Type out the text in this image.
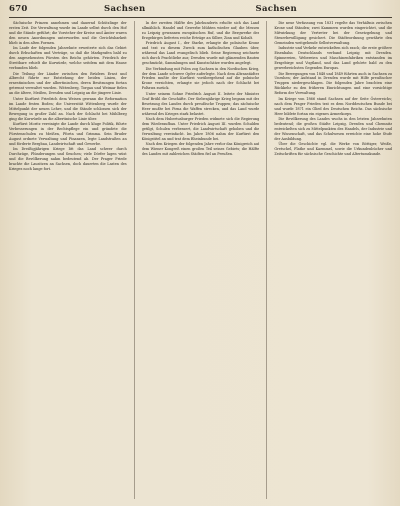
670	Sachsen	Sachsen

Sächsische Prinzen annehmen und dauernd Schützlinge der ersten Zeit. Die Verwaltung wurde im Lande selbst durch den Hof und die Stände geführt; die Vorsteher der Kreise und Ämter waren den neuen Anordnungen unterworfen und die Gerichtsbarkeit blieb in den alten Formen.

Im Laufe der folgenden Jahrzehnte erweiterte sich das Gebiet durch Erbschaften und Verträge, so daß die Markgrafen bald zu den angesehensten Fürsten des Reichs gehörten. Friedrich der Streitbare erhielt die Kurwürde, welche seitdem mit dem Hause verbunden blieb.

Die Teilung der Länder zwischen den Brüdern Ernst und Albrecht führte zur Entstehung der beiden Linien, der ernestinischen und der albertinischen, deren Besitzungen fortan getrennt verwaltet wurden. Wittenberg, Torgau und Weimar fielen an die ältere, Meißen, Dresden und Leipzig an die jüngere Linie.

Unter Kurfürst Friedrich dem Weisen gewann die Reformation im Lande festen Boden; die Universität Wittenberg wurde der Mittelpunkt der neuen Lehre, und die Stände schlossen sich der Bewegung in großer Zahl an. Nach der Schlacht bei Mühlberg ging die Kurwürde an die albertinische Linie über.

Kurfürst Moritz vereinigte die Lande durch kluge Politik, führte Verbesserungen in der Rechtspflege ein und gründete die Fürstenschulen zu Meißen, Pforta und Grimma. Sein Bruder August ordnete Verwaltung und Finanzen, legte Landstraßen an und förderte Bergbau, Landwirtschaft und Gewerbe.

Im Dreißigjährigen Kriege litt das Land schwer durch Durchzüge, Plünderungen und Seuchen; viele Dörfer lagen wüst und die Bevölkerung nahm bedeutend ab. Der Prager Friede brachte die Lausitzen an Sachsen, doch dauerten die Lasten des Krieges noch lange fort.

In der zweiten Hälfte des Jahrhunderts erholte sich das Land allmählich. Handel und Gewerbe blühten wieder auf; die Messen zu Leipzig gewannen europäischen Ruf, und die Bergwerke des Erzgebirges lieferten reiche Erträge an Silber, Zinn und Kobalt.

Friedrich August I., der Starke, erlangte die polnische Krone und trat zu diesem Zweck zum katholischen Glauben über, während das Land evangelisch blieb. Seine Regierung zeichnete sich durch Prachtliebe aus; Dresden wurde mit glänzenden Bauten geschmückt, Sammlungen und Kunstschätze wurden angelegt.

Die Verbindung mit Polen zog Sachsen in den Nordischen Krieg, der dem Lande schwere Opfer auferlegte. Nach dem Altranstädter Frieden mußte der Kurfürst vorübergehend auf die polnische Krone verzichten, erlangte sie jedoch nach der Schlacht bei Poltawa zurück.

Unter seinem Sohne Friedrich August II. leitete der Minister Graf Brühl die Geschäfte. Der Siebenjährige Krieg begann mit der Besetzung des Landes durch preußische Truppen; das sächsische Heer mußte bei Pirna die Waffen strecken, und das Land wurde während des Krieges stark belastet.

Nach dem Hubertusburger Frieden widmete sich die Regierung dem Wiederaufbau. Unter Friedrich August III. wurden Schulden getilgt, Schulen verbessert, die Landwirtschaft gehoben und die Verwaltung vereinfacht. Im Jahre 1806 nahm der Kurfürst den Königstitel an und trat dem Rheinbunde bei.

Nach den Kriegen der folgenden Jahre verlor das Königreich auf dem Wiener Kongreß einen großen Teil seines Gebiets; die Hälfte des Landes mit zahlreichen Städten fiel an Preußen.

Die neue Verfassung von 1831 regelte das Verhältnis zwischen Krone und Ständen; zwei Kammern wurden eingerichtet, und die Mitwirkung der Vertreter bei der Gesetzgebung und Steuerbewilligung gesichert. Die Städteordnung gewährte den Gemeinden weitgehende Selbstverwaltung.

Industrie und Verkehr entwickelten sich rasch; die erste größere Eisenbahn Deutschlands verband Leipzig mit Dresden. Spinnereien, Webereien und Maschinenfabriken entstanden im Erzgebirge und Vogtland, und das Land gehörte bald zu den gewerbreichsten Gegenden Europas.

Die Bewegungen von 1848 und 1849 führten auch in Sachsen zu Unruhen; der Aufstand in Dresden wurde mit Hilfe preußischer Truppen niedergeschlagen. Die folgenden Jahre brachten eine Rückkehr zu den früheren Einrichtungen und eine vorsichtige Reform der Verwaltung.

Im Kriege von 1866 stand Sachsen auf der Seite Österreichs; nach dem Prager Frieden trat es dem Norddeutschen Bunde bei und wurde 1871 ein Glied des Deutschen Reichs. Das sächsische Heer bildete fortan ein eigenes Armeekorps.

Die Bevölkerung des Landes wuchs in den letzten Jahrzehnten bedeutend; die großen Städte Leipzig, Dresden und Chemnitz entwickelten sich zu Mittelpunkten des Handels, der Industrie und der Wissenschaft, und das Schulwesen erreichte eine hohe Stufe der Ausbildung.

Über die Geschichte vgl. die Werke von Böttiger, Weiße, Gretschel, Flathe und Kaemmel, sowie die Urkundenbücher und Zeitschriften für sächsische Geschichte und Altertumskunde.
